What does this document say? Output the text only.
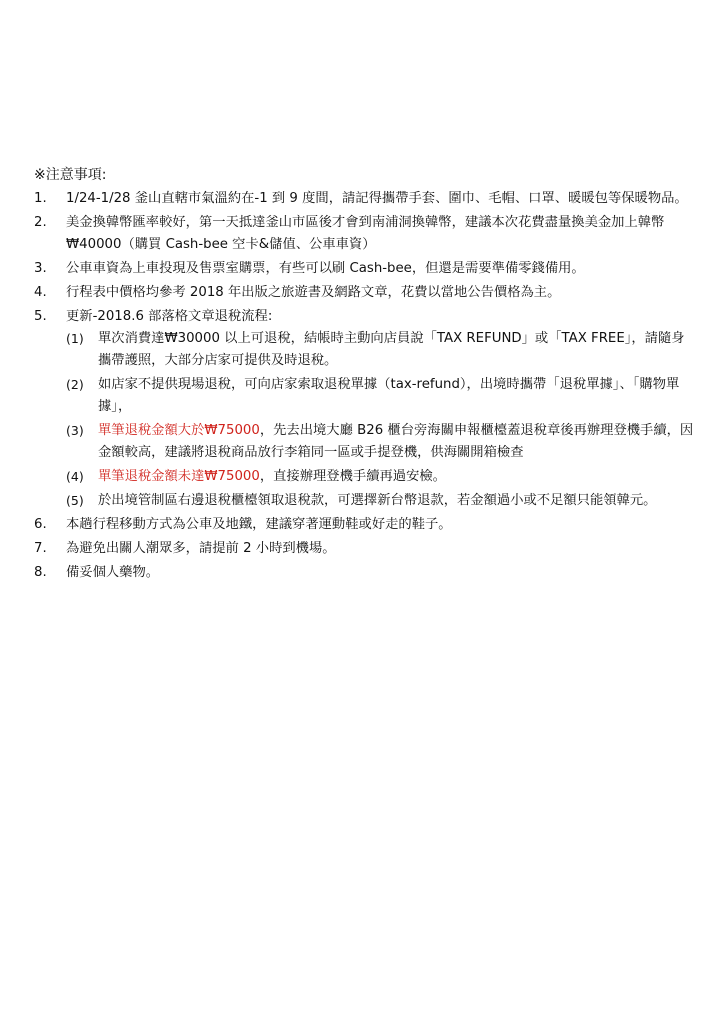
※注意事項:
1.	1/24-1/28 釜山直轄市氣溫約在-1 到 9 度間，請記得攜帶手套、圍巾、毛帽、口罩、暖暖包等保暖物品。
2.	美金換韓幣匯率較好，第一天抵達釜山市區後才會到南浦洞換韓幣，建議本次花費盡量換美金加上韓幣₩40000（購買 Cash-bee 空卡&儲值、公車車資）
3.	公車車資為上車投現及售票室購票，有些可以刷 Cash-bee，但還是需要準備零錢備用。
4.	行程表中價格均參考 2018 年出版之旅遊書及網路文章，花費以當地公告價格為主。
5.	更新-2018.6 部落格文章退稅流程:
(1) 單次消費達₩30000 以上可退稅，結帳時主動向店員說「TAX REFUND」或「TAX FREE」，請隨身攜帶護照，大部分店家可提供及時退稅。
(2) 如店家不提供現場退稅，可向店家索取退稅單據（tax-refund），出境時攜帶「退稅單據」、「購物單據」，
(3) 單筆退稅金額大於₩75000，先去出境大廳 B26 櫃台旁海關申報櫃檯蓋退稅章後再辦理登機手續，因金額較高，建議將退稅商品放行李箱同一區或手提登機，供海關開箱檢查
(4) 單筆退稅金額未達₩75000，直接辦理登機手續再過安檢。
(5) 於出境管制區右邊退稅櫃檯領取退稅款，可選擇新台幣退款，若金額過小或不足額只能領韓元。
6.	本趟行程移動方式為公車及地鐵，建議穿著運動鞋或好走的鞋子。
7.	為避免出關人潮眾多，請提前 2 小時到機場。
8.	備妥個人藥物。
